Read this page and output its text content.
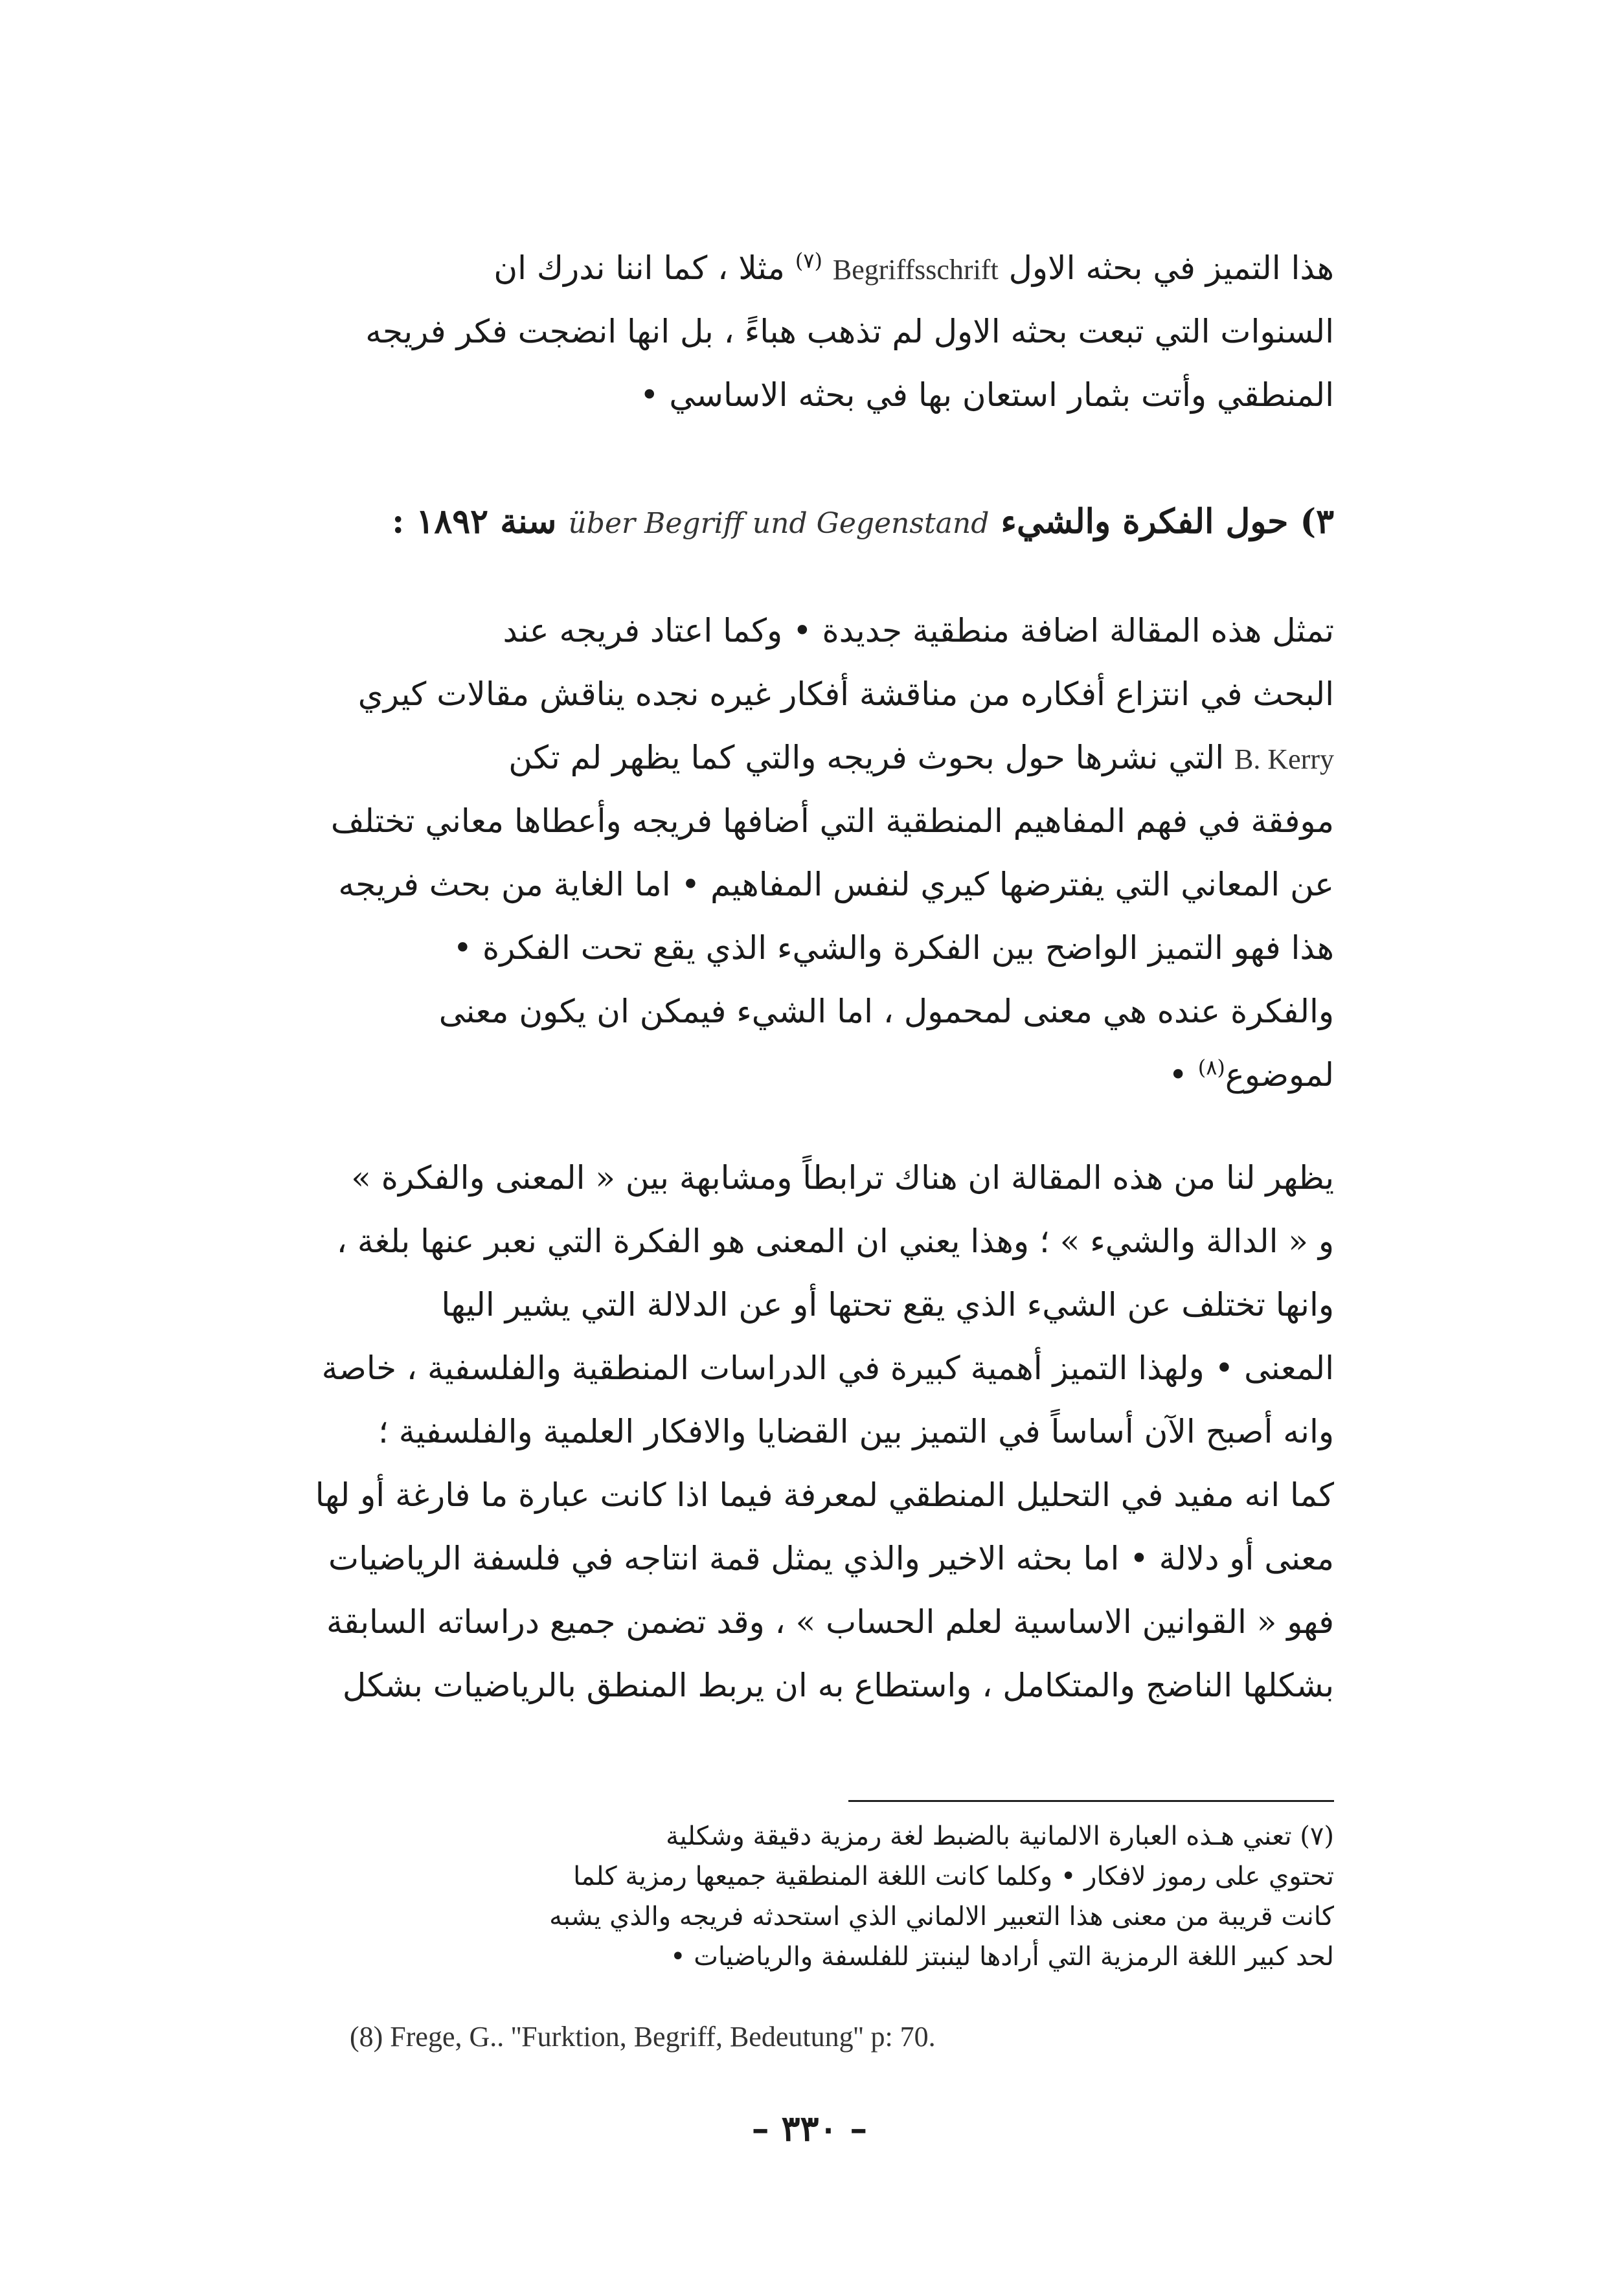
هذا التميز في بحثه الاول Begriffsschrift $^{(٧)}$ مثلا ، كما اننا ندرك ان
السنوات التي تبعت بحثه الاول لم تذهب هباءً ، بل انها انضجت فكر فريجه
المنطقي وأتت بثمار استعان بها في بحثه الاساسي •
٣) حول الفكرة والشيء über Begriff und Gegenstand سنة ١٨٩٢ :
تمثل هذه المقالة اضافة منطقية جديدة • وكما اعتاد فريجه عند
البحث في انتزاع أفكاره من مناقشة أفكار غيره نجده يناقش مقالات كيري
B. Kerry التي نشرها حول بحوث فريجه والتي كما يظهر لم تكن
موفقة في فهم المفاهيم المنطقية التي أضافها فريجه وأعطاها معاني تختلف
عن المعاني التي يفترضها كيري لنفس المفاهيم • اما الغاية من بحث فريجه
هذا فهو التميز الواضح بين الفكرة والشيء الذي يقع تحت الفكرة •
والفكرة عنده هي معنى لمحمول ، اما الشيء فيمكن ان يكون معنى
لموضوع$^{(٨)}$ •
يظهر لنا من هذه المقالة ان هناك ترابطاً ومشابهة بين « المعنى والفكرة »
و « الدالة والشيء » ؛ وهذا يعني ان المعنى هو الفكرة التي نعبر عنها بلغة ،
وانها تختلف عن الشيء الذي يقع تحتها أو عن الدلالة التي يشير اليها
المعنى • ولهذا التميز أهمية كبيرة في الدراسات المنطقية والفلسفية ، خاصة
وانه أصبح الآن أساساً في التميز بين القضايا والافكار العلمية والفلسفية ؛
كما انه مفيد في التحليل المنطقي لمعرفة فيما اذا كانت عبارة ما فارغة أو لها
معنى أو دلالة • اما بحثه الاخير والذي يمثل قمة انتاجه في فلسفة الرياضيات
فهو « القوانين الاساسية لعلم الحساب » ، وقد تضمن جميع دراساته السابقة
بشكلها الناضج والمتكامل ، واستطاع به ان يربط المنطق بالرياضيات بشكل
(٧) تعني هـذه العبارة الالمانية بالضبط لغة رمزية دقيقة وشكلية
تحتوي على رموز لافكار • وكلما كانت اللغة المنطقية جميعها رمزية كلما
كانت قريبة من معنى هذا التعبير الالماني الذي استحدثه فريجه والذي يشبه
لحد كبير اللغة الرمزية التي أرادها لينبتز للفلسفة والرياضيات •
(8) Frege, G.. ''Furktion, Begriff, Bedeutung'' p: 70.
– ٣٣٠ –
